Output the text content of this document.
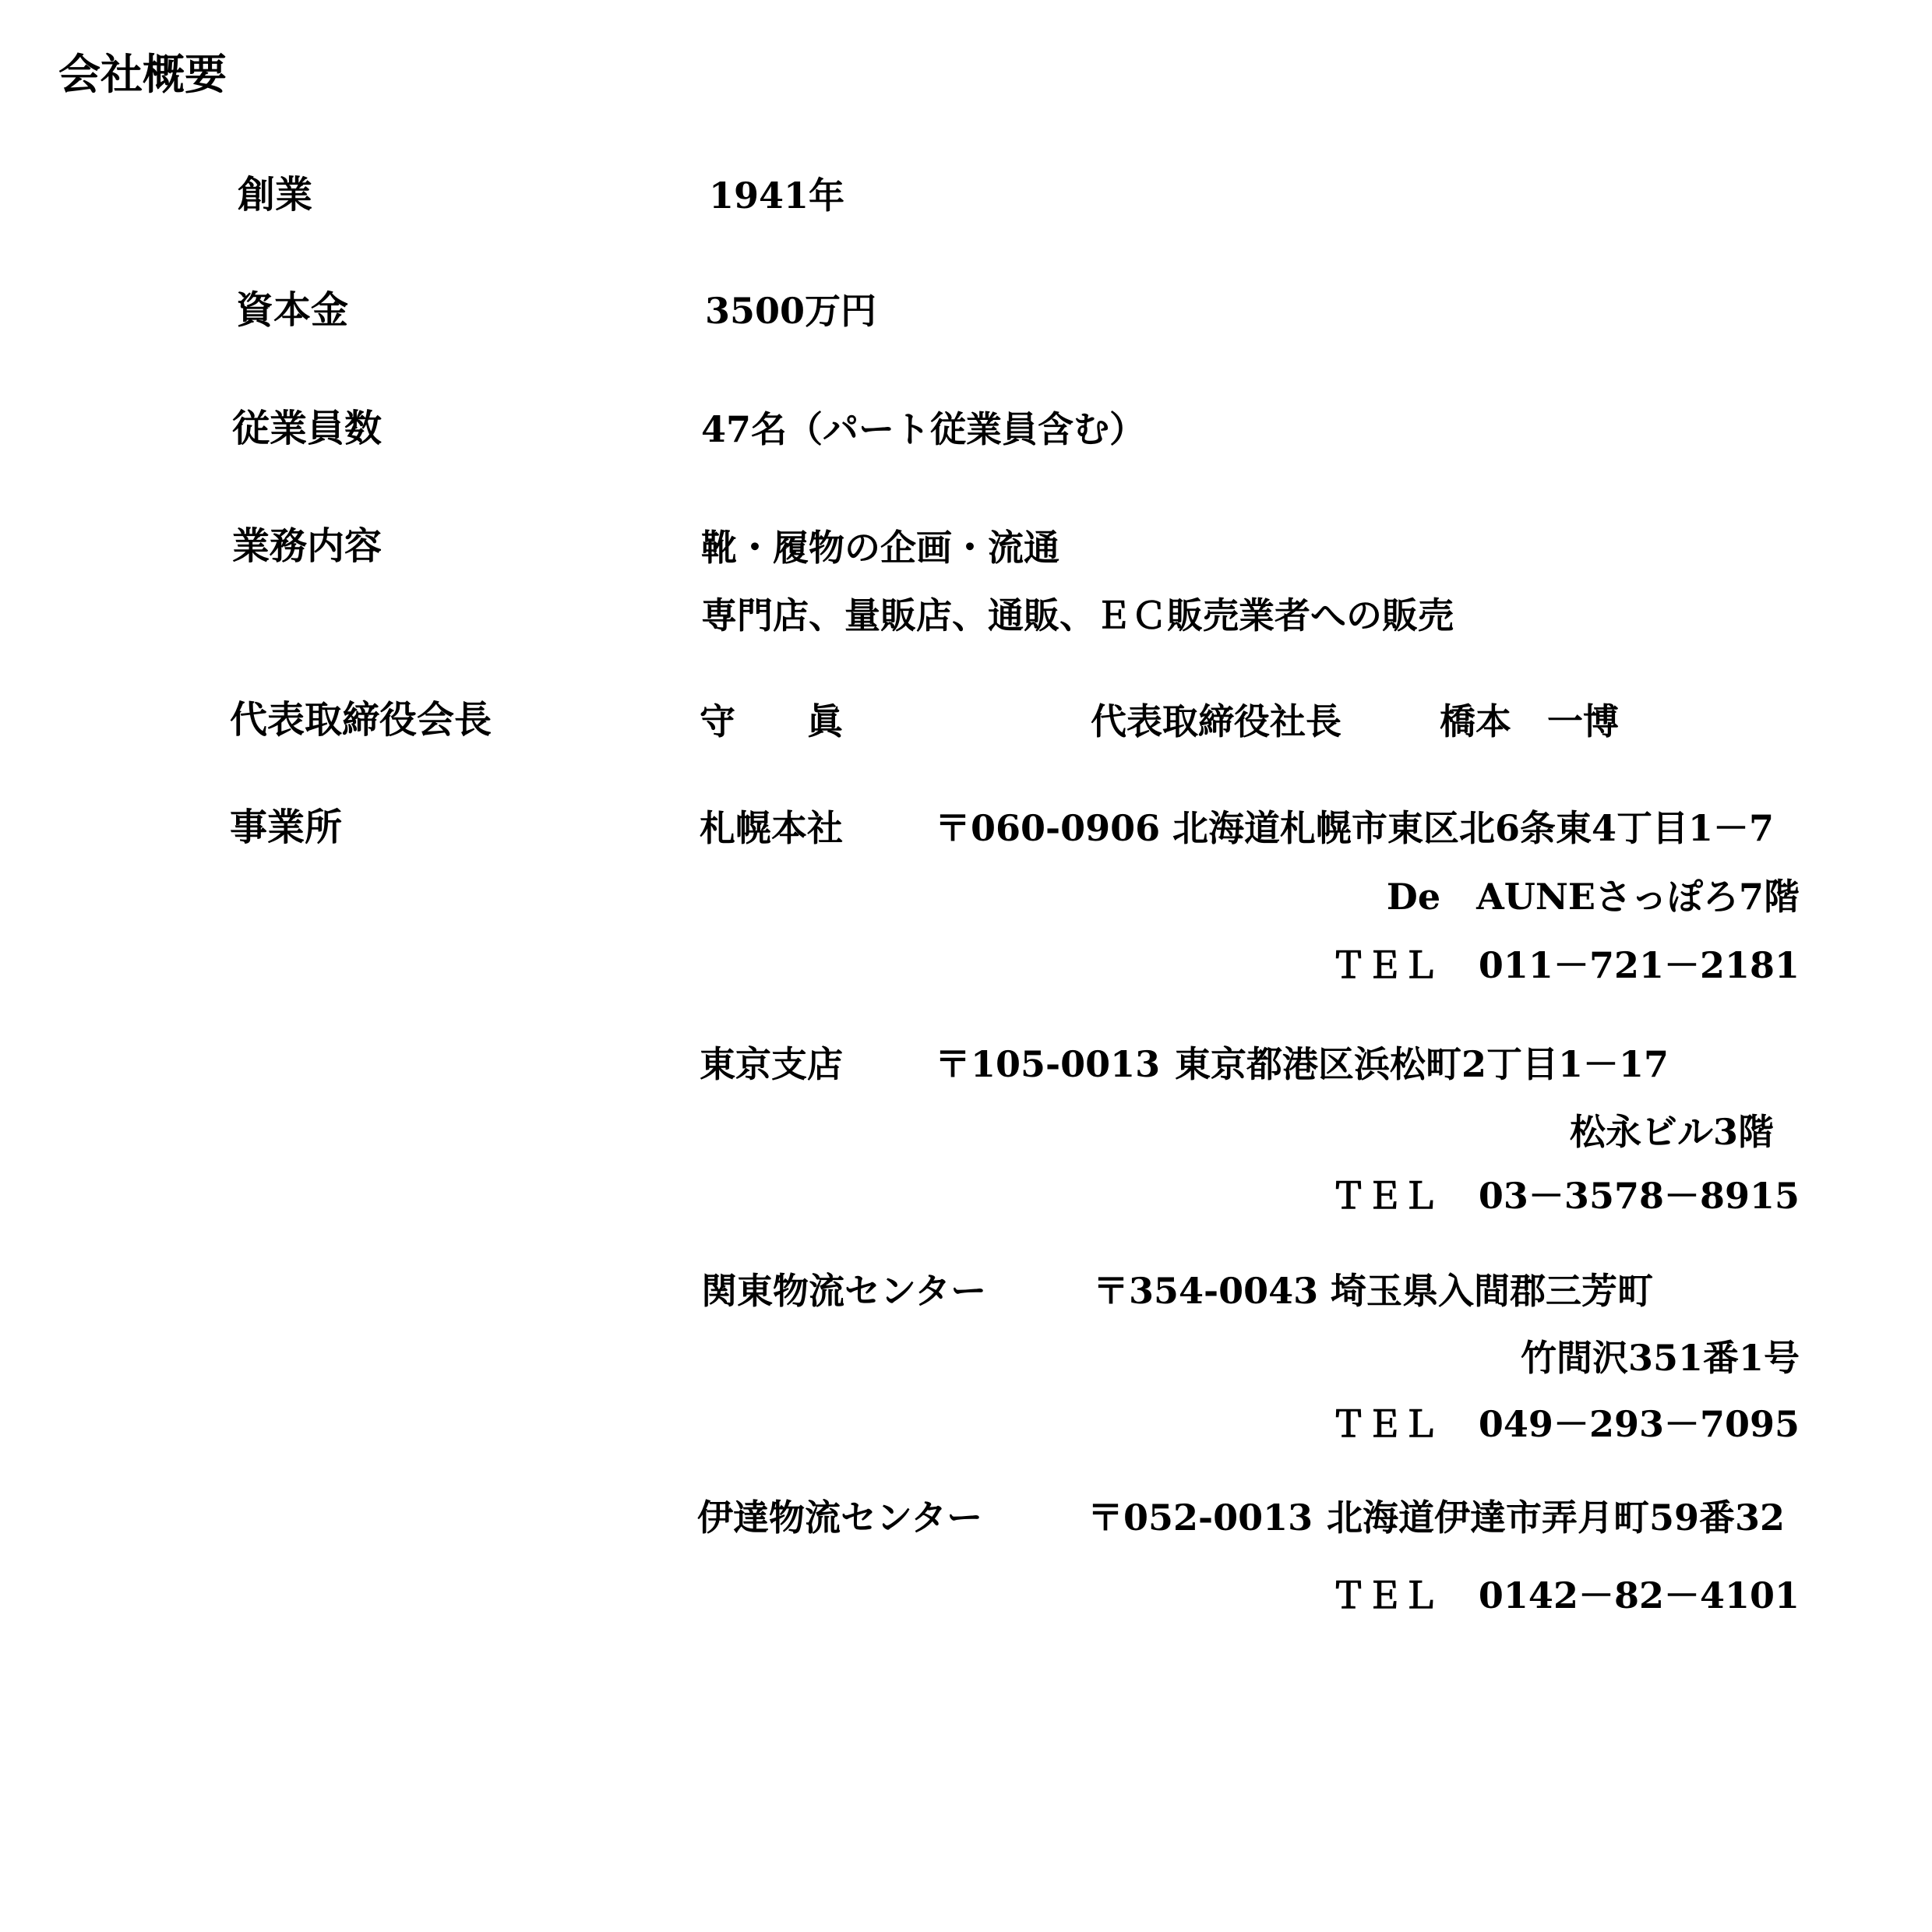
会社概要
創業	1941年
資本金	3500万円
従業員数	47名（パート従業員含む）
業務内容	靴・履物の企画・流通
専門店、量販店、通販、ＥＣ販売業者への販売
代表取締役会長	守　　眞	代表取締役社長	橋本　一博
事業所	札幌本社	〒060-0906 北海道札幌市東区北6条東4丁目1－7
De　AUNEさっぽろ7階
ＴＥＬ 011－721－2181
東京支店	〒105-0013 東京都港区浜松町2丁目1－17
松永ビル3階
ＴＥＬ 03－3578－8915
関東物流センター	〒354-0043 埼玉県入間郡三芳町
竹間沢351番1号
ＴＥＬ 049－293－7095
伊達物流センター	〒052-0013 北海道伊達市弄月町59番32
ＴＥＬ 0142－82－4101
